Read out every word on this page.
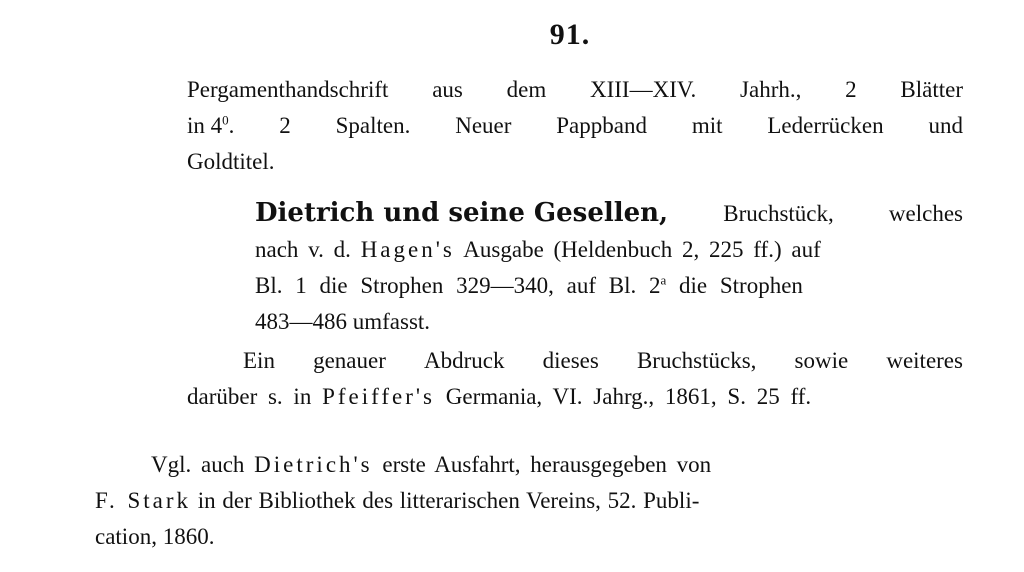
91.
Pergamenthandschrift aus dem XIII—XIV. Jahrh., 2 Blätter
in $4^0$. 2 Spalten. Neuer Pappband mit Lederrücken und
Goldtitel.
Dietrich und seine Gesellen, Bruchstück, welches
nach v. d. Hagen's Ausgabe (Heldenbuch 2, 225 ff.) auf
Bl. 1 die Strophen 329—340, auf Bl. 2$^a$ die Strophen
483—486 umfasst.
Ein genauer Abdruck dieses Bruchstücks, sowie weiteres
darüber s. in Pfeiffer's Germania, VI. Jahrg., 1861, S. 25 ff.
Vgl. auch Dietrich's erste Ausfahrt, herausgegeben von
F. Stark in der Bibliothek des litterarischen Vereins, 52. Publi-
cation, 1860.
